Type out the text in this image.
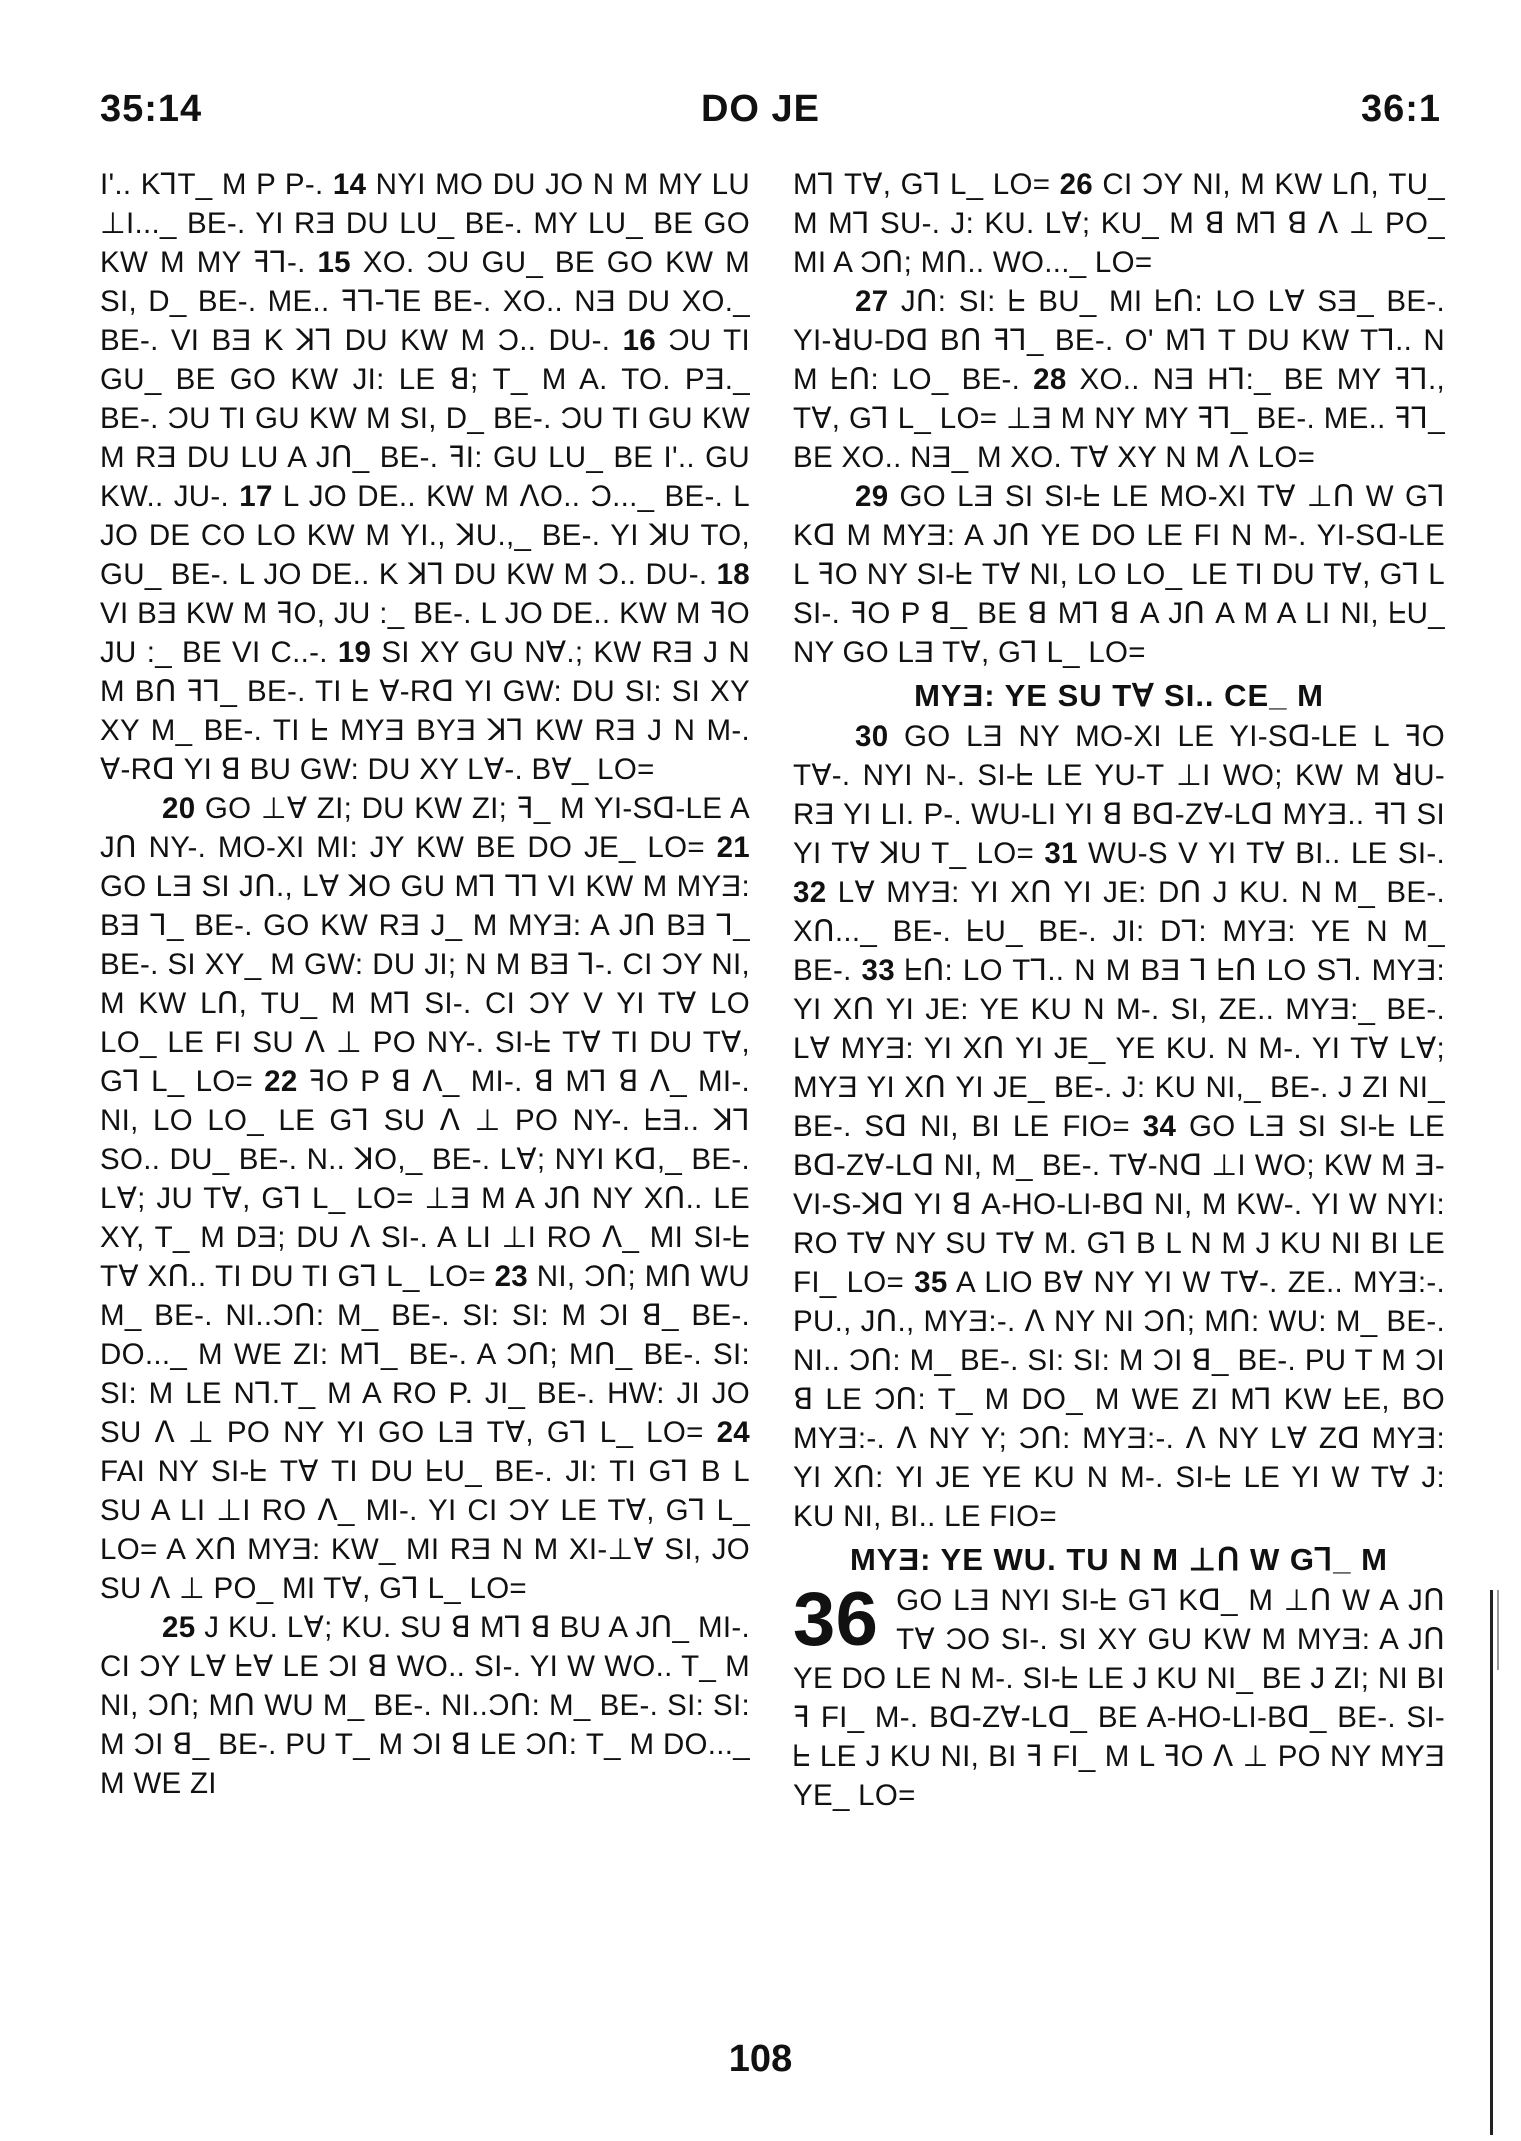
35:14	DO JE	36:1

I'.. KꓶT_ M P P-. 14 NYI MO DU JO N M MY LU ⊥I..._ BE-. YI RƎ DU LU_ BE-. MY LU_ BE GO KW M MY ꟻꓶ-. 15 XO. ƆU GU_ BE GO KW M SI, D_ BE-. ME.. ꟻꓶ-ꓶE BE-. XO.. NƎ DU XO._ BE-. VI BƎ K ꓘꓶ DU KW M Ɔ.. DU-. 16 ƆU TI GU_ BE GO KW JI: LE ꓭ; T_ M A. TO. PƎ._ BE-. ƆU TI GU KW M SI, D_ BE-. ƆU TI GU KW M RƎ DU LU A Jꓵ_ BE-. ꟻI: GU LU_ BE I'.. GU KW.. JU-. 17 L JO DE.. KW M ꓥO.. Ɔ..._ BE-. L JO DE CO LO KW M YI., ꓘU.,_ BE-. YI ꓘU TO, GU_ BE-. L JO DE.. K ꓘꓶ DU KW M Ɔ.. DU-. 18 VI BƎ KW M ꟻO, JU :_ BE-. L JO DE.. KW M ꟻO JU :_ BE VI C..-. 19 SI XY GU Nꓯ.; KW RƎ J N M Bꓵ ꟻꓶ_ BE-. TI ᖶ ꓯ-Rꓷ YI GW: DU SI: SI XY XY M_ BE-. TI ᖶ MYƎ BYƎ ꓘꓶ KW RƎ J N M-. ꓯ-Rꓷ YI ꓭ BU GW: DU XY Lꓯ-. Bꓯ_ LO=

20 GO ⊥ꓯ ZI; DU KW ZI; ꟻ_ M YI-Sꓷ-LE A Jꓵ NY-. MO-XI MI: JY KW BE DO JE_ LO= 21 GO LƎ SI Jꓵ., Lꓯ ꓘO GU Mꓶ ꓶꓶ VI KW M MYƎ: BƎ ꓶ_ BE-. GO KW RƎ J_ M MYƎ: A Jꓵ BƎ ꓶ_ BE-. SI XY_ M GW: DU JI; N M BƎ ꓶ-. CI ƆY NI, M KW Lꓵ, TU_ M Mꓶ SI-. CI ƆY V YI Tꓯ LO LO_ LE FI SU ꓥ ⊥ PO NY-. SI-ᖶ Tꓯ TI DU Tꓯ, Gꓶ L_ LO= 22 ꟻO P ꓭ ꓥ_ MI-. ꓭ Mꓶ ꓭ ꓥ_ MI-. NI, LO LO_ LE Gꓶ SU ꓥ ⊥ PO NY-. ᖶƎ.. ꓘꓶ SO.. DU_ BE-. N.. ꓘO,_ BE-. Lꓯ; NYI Kꓷ,_ BE-. Lꓯ; JU Tꓯ, Gꓶ L_ LO= ⊥Ǝ M A Jꓵ NY Xꓵ.. LE XY, T_ M DƎ; DU ꓥ SI-. A LI ⊥I RO ꓥ_ MI SI-ᖶ Tꓯ Xꓵ.. TI DU TI Gꓶ L_ LO= 23 NI, Ɔꓵ; Mꓵ WU M_ BE-. NI..Ɔꓵ: M_ BE-. SI: SI: M ƆI ꓭ_ BE-. DO..._ M WE ZI: Mꓶ_ BE-. A Ɔꓵ; Mꓵ_ BE-. SI: SI: M LE Nꓶ.T_ M A RO P. JI_ BE-. HW: JI JO SU ꓥ ⊥ PO NY YI GO LƎ Tꓯ, Gꓶ L_ LO= 24 FAI NY SI-ᖶ Tꓯ TI DU ᖶU_ BE-. JI: TI Gꓶ B L SU A LI ⊥I RO ꓥ_ MI-. YI CI ƆY LE Tꓯ, Gꓶ L_ LO= A Xꓵ MYƎ: KW_ MI RƎ N M XI-⊥ꓯ SI, JO SU ꓥ ⊥ PO_ MI Tꓯ, Gꓶ L_ LO=

25 J KU. Lꓯ; KU. SU ꓭ Mꓶ ꓭ BU A Jꓵ_ MI-. CI ƆY Lꓯ ᖶꓯ LE ƆI ꓭ WO.. SI-. YI W WO.. T_ M NI, Ɔꓵ; Mꓵ WU M_ BE-. NI..Ɔꓵ: M_ BE-. SI: SI: M ƆI ꓭ_ BE-. PU T_ M ƆI ꓭ LE Ɔꓵ: T_ M DO..._ M WE ZI

Mꓶ Tꓯ, Gꓶ L_ LO= 26 CI ƆY NI, M KW Lꓵ, TU_ M Mꓶ SU-. J: KU. Lꓯ; KU_ M ꓭ Mꓶ ꓭ ꓥ ⊥ PO_ MI A Ɔꓵ; Mꓵ.. WO..._ LO=

27 Jꓵ: SI: ᖶ BU_ MI ᖶꓵ: LO Lꓯ SƎ_ BE-. YI-ꓤU-Dꓷ Bꓵ ꟻꓶ_ BE-. O' Mꓶ T DU KW Tꓶ.. N M ᖶꓵ: LO_ BE-. 28 XO.. NƎ Hꓶ:_ BE MY ꟻꓶ., Tꓯ, Gꓶ L_ LO= ⊥Ǝ M NY MY ꟻꓶ_ BE-. ME.. ꟻꓶ_ BE XO.. NƎ_ M XO. Tꓯ XY N M ꓥ LO=

29 GO LƎ SI SI-ᖶ LE MO-XI Tꓯ ⊥ꓵ W Gꓶ Kꓷ M MYƎ: A Jꓵ YE DO LE FI N M-. YI-Sꓷ-LE L ꟻO NY SI-ᖶ Tꓯ NI, LO LO_ LE TI DU Tꓯ, Gꓶ L SI-. ꟻO P ꓭ_ BE ꓭ Mꓶ ꓭ A Jꓵ A M A LI NI, ᖶU_ NY GO LƎ Tꓯ, Gꓶ L_ LO=

MYƎ: YE SU Tꓯ SI.. CE_ M

30 GO LƎ NY MO-XI LE YI-Sꓷ-LE L ꟻO Tꓯ-. NYI N-. SI-ᖶ LE YU-T ⊥I WO; KW M ꓤU-RƎ YI LI. P-. WU-LI YI ꓭ Bꓷ-Zꓯ-Lꓷ MYƎ.. ꟻꓶ SI YI Tꓯ ꓘU T_ LO= 31 WU-S V YI Tꓯ BI.. LE SI-. 32 Lꓯ MYƎ: YI Xꓵ YI JE: Dꓵ J KU. N M_ BE-. Xꓵ..._ BE-. ᖶU_ BE-. JI: Dꓶ: MYƎ: YE N M_ BE-. 33 ᖶꓵ: LO Tꓶ.. N M BƎ ꓶ ᖶꓵ LO Sꓶ. MYƎ: YI Xꓵ YI JE: YE KU N M-. SI, ZE.. MYƎ:_ BE-. Lꓯ MYƎ: YI Xꓵ YI JE_ YE KU. N M-. YI Tꓯ Lꓯ; MYƎ YI Xꓵ YI JE_ BE-. J: KU NI,_ BE-. J ZI NI_ BE-. Sꓷ NI, BI LE FIO= 34 GO LƎ SI SI-ᖶ LE Bꓷ-Zꓯ-Lꓷ NI, M_ BE-. Tꓯ-Nꓷ ⊥I WO; KW M Ǝ-VI-S-ꓘꓷ YI ꓭ A-HO-LI-Bꓷ NI, M KW-. YI W NYI: RO Tꓯ NY SU Tꓯ M. Gꓶ B L N M J KU NI BI LE FI_ LO= 35 A LIO Bꓯ NY YI W Tꓯ-. ZE.. MYƎ:-. PU., Jꓵ., MYƎ:-. ꓥ NY NI Ɔꓵ; Mꓵ: WU: M_ BE-. NI.. Ɔꓵ: M_ BE-. SI: SI: M ƆI ꓭ_ BE-. PU T M ƆI ꓭ LE Ɔꓵ: T_ M DO_ M WE ZI Mꓶ KW ᖶE, BO MYƎ:-. ꓥ NY Y; Ɔꓵ: MYƎ:-. ꓥ NY Lꓯ Zꓷ MYƎ: YI Xꓵ: YI JE YE KU N M-. SI-ᖶ LE YI W Tꓯ J: KU NI, BI.. LE FIO=

MYƎ: YE WU. TU N M ⊥ꓵ W Gꓶ_ M
36 GO LƎ NYI SI-ᖶ Gꓶ Kꓷ_ M ⊥ꓵ W A Jꓵ Tꓯ ƆO SI-. SI XY GU KW M MYƎ: A Jꓵ YE DO LE N M-. SI-ᖶ LE J KU NI_ BE J ZI; NI BI ꟻ FI_ M-. Bꓷ-Zꓯ-Lꓷ_ BE A-HO-LI-Bꓷ_ BE-. SI-ᖶ LE J KU NI, BI ꟻ FI_ M L ꟻO ꓥ ⊥ PO NY MYƎ YE_ LO=

108
